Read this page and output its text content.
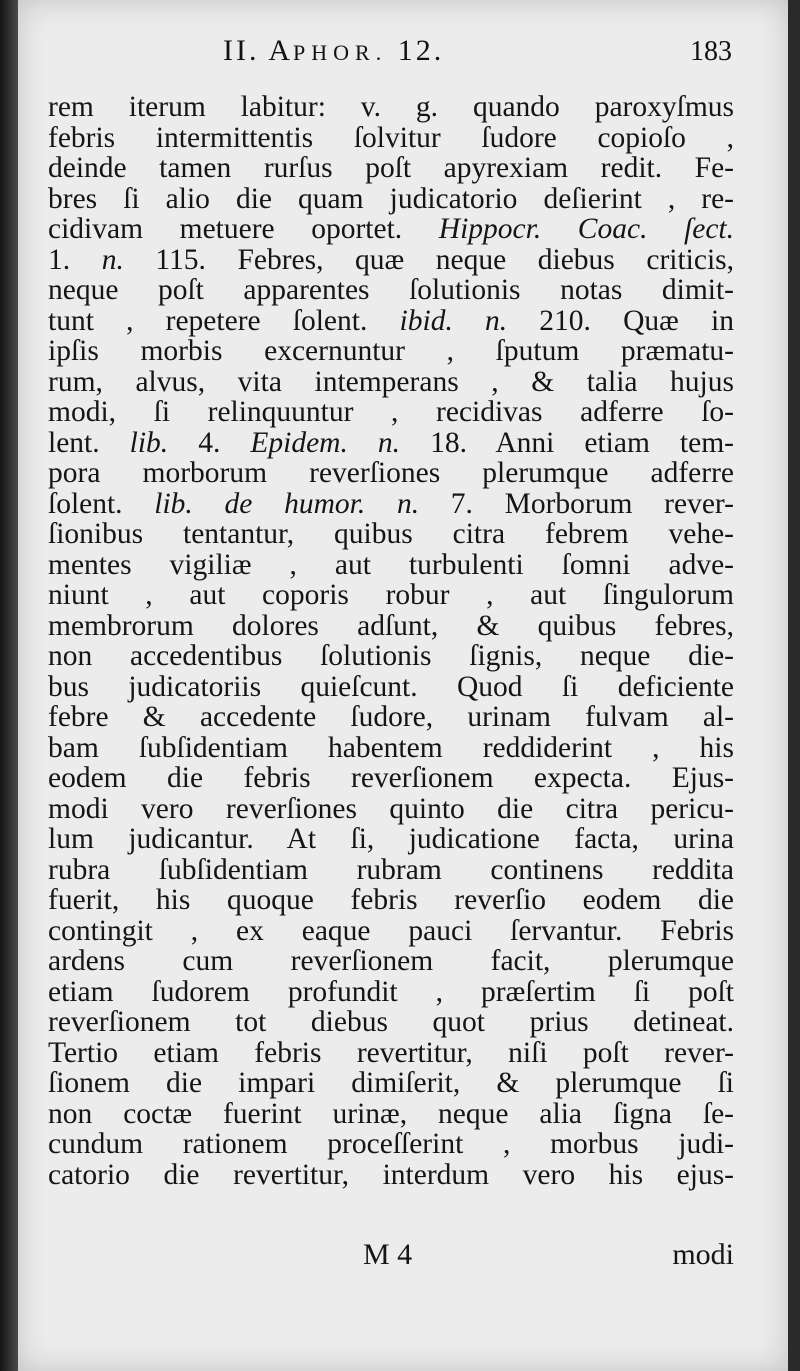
II. APHOR. 12.	183
rem iterum labitur: v. g. quando paroxyſmus
febris intermittentis ſolvitur ſudore copioſo ,
deinde tamen rurſus poſt apyrexiam redit. Fe-
bres ſi alio die quam judicatorio deſierint , re-
cidivam metuere oportet. Hippocr. Coac. ſect.
1. n. 115. Febres, quæ neque diebus criticis,
neque poſt apparentes ſolutionis notas dimit-
tunt , repetere ſolent. ibid. n. 210. Quæ in
ipſis morbis excernuntur , ſputum præmatu-
rum, alvus, vita intemperans , & talia hujus
modi, ſi relinquuntur , recidivas adferre ſo-
lent. lib. 4. Epidem. n. 18. Anni etiam tem-
pora morborum reverſiones plerumque adferre
ſolent. lib. de humor. n. 7. Morborum rever-
ſionibus tentantur, quibus citra febrem vehe-
mentes vigiliæ , aut turbulenti ſomni adve-
niunt , aut coporis robur , aut ſingulorum
membrorum dolores adſunt, & quibus febres,
non accedentibus ſolutionis ſignis, neque die-
bus judicatoriis quieſcunt. Quod ſi deficiente
febre & accedente ſudore, urinam fulvam al-
bam ſubſidentiam habentem reddiderint , his
eodem die febris reverſionem expecta. Ejus-
modi vero reverſiones quinto die citra pericu-
lum judicantur. At ſi, judicatione facta, urina
rubra ſubſidentiam rubram continens reddita
fuerit, his quoque febris reverſio eodem die
contingit , ex eaque pauci ſervantur. Febris
ardens cum reverſionem facit, plerumque
etiam ſudorem profundit , præſertim ſi poſt
reverſionem tot diebus quot prius detineat.
Tertio etiam febris revertitur, niſi poſt rever-
ſionem die impari dimiſerit, & plerumque ſi
non coctæ fuerint urinæ, neque alia ſigna ſe-
cundum rationem proceſſerint , morbus judi-
catorio die revertitur, interdum vero his ejus-
M 4	modi
